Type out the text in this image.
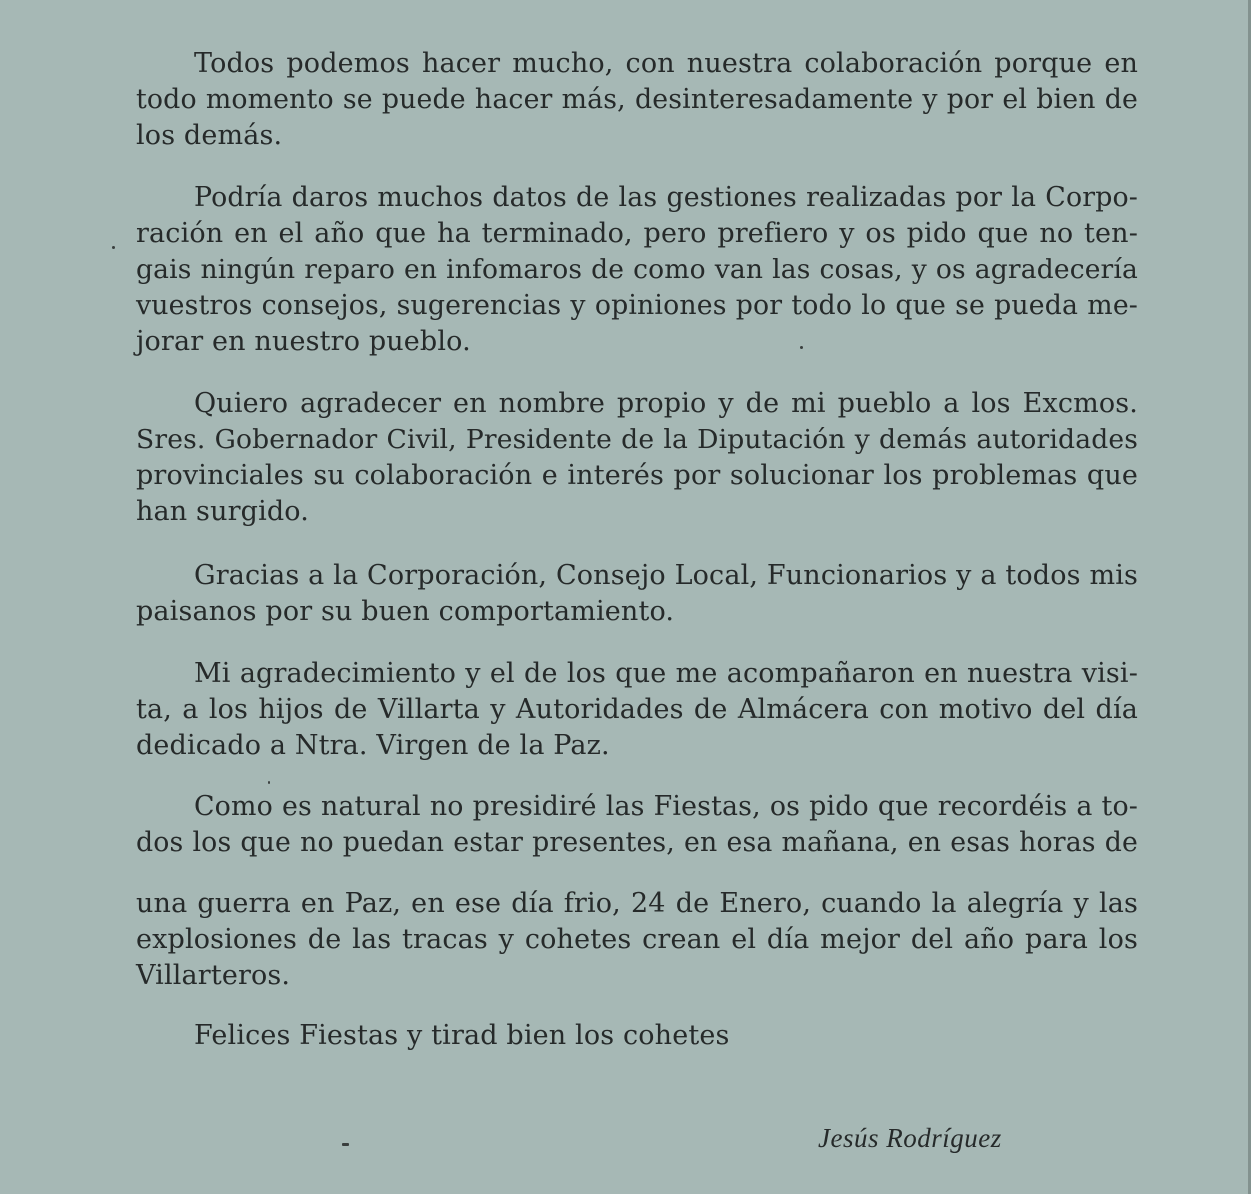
Todos podemos hacer mucho, con nuestra colaboración porque en
todo momento se puede hacer más, desinteresadamente y por el bien de
los demás.

Podría daros muchos datos de las gestiones realizadas por la Corpo-
ración en el año que ha terminado, pero prefiero y os pido que no ten-
gais ningún reparo en infomaros de como van las cosas, y os agradecería
vuestros consejos, sugerencias y opiniones por todo lo que se pueda me-
jorar en nuestro pueblo.

Quiero agradecer en nombre propio y de mi pueblo a los Excmos.
Sres. Gobernador Civil, Presidente de la Diputación y demás autoridades
provinciales su colaboración e interés por solucionar los problemas que
han surgido.

Gracias a la Corporación, Consejo Local, Funcionarios y a todos mis
paisanos por su buen comportamiento.

Mi agradecimiento y el de los que me acompañaron en nuestra visi-
ta, a los hijos de Villarta y Autoridades de Almácera con motivo del día
dedicado a Ntra. Virgen de la Paz.

Como es natural no presidiré las Fiestas, os pido que recordéis a to-
dos los que no puedan estar presentes, en esa mañana, en esas horas de

una guerra en Paz, en ese día frio, 24 de Enero, cuando la alegría y las
explosiones de las tracas y cohetes crean el día mejor del año para los
Villarteros.

Felices Fiestas y tirad bien los cohetes

Jesús Rodríguez
